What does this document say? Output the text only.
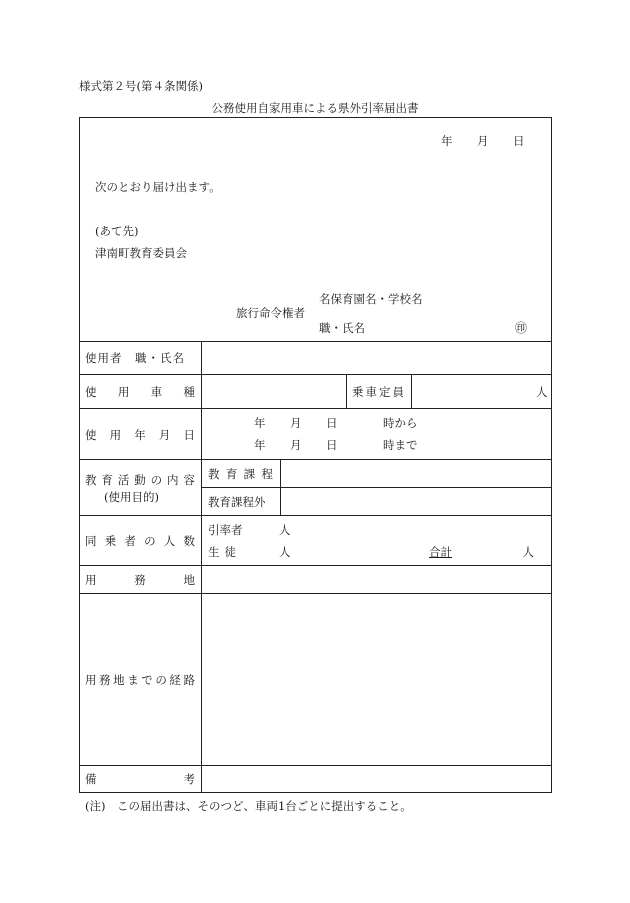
様式第２号(第４条関係)
公務使用自家用車による県外引率届出書
年 月 日
次のとおり届け出ます。
(あて先)
津南町教育委員会
名保育園名・学校名
旅行命令権者
職・氏名	㊞
使用者　職・氏名
使 用 車 種	乗車定員	人
使 用 年 月 日
年 月 日	時から
年 月 日	時まで
教 育 活 動 の 内 容
(使用目的)
教 育 課 程
教育課程外
同 乗 者 の 人 数
引率者	人
生 徒	人	合計	人
用	務	地
用 務 地 ま で の 経 路
備	考
(注)　この届出書は、そのつど、車両1台ごとに提出すること。
